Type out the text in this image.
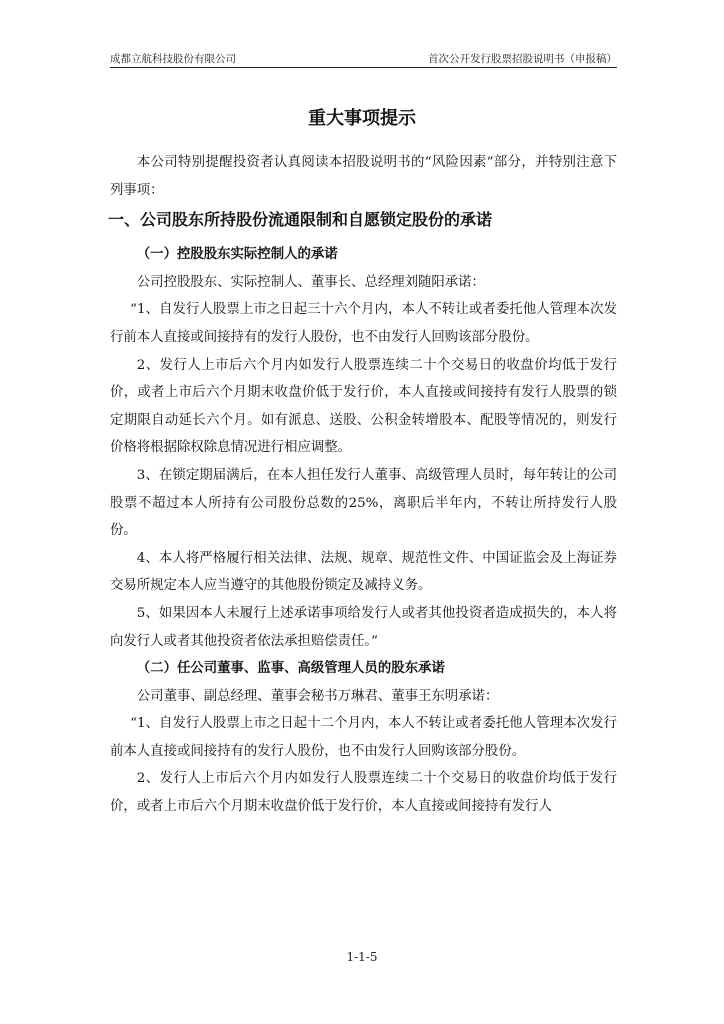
成都立航科技股份有限公司	首次公开发行股票招股说明书（申报稿）
重大事项提示

本公司特别提醒投资者认真阅读本招股说明书的“风险因素”部分，并特别注意下列事项：

一、公司股东所持股份流通限制和自愿锁定股份的承诺

（一）控股股东实际控制人的承诺

公司控股股东、实际控制人、董事长、总经理刘随阳承诺：

“1、自发行人股票上市之日起三十六个月内，本人不转让或者委托他人管理本次发行前本人直接或间接持有的发行人股份，也不由发行人回购该部分股份。

2、发行人上市后六个月内如发行人股票连续二十个交易日的收盘价均低于发行价，或者上市后六个月期末收盘价低于发行价，本人直接或间接持有发行人股票的锁定期限自动延长六个月。如有派息、送股、公积金转增股本、配股等情况的，则发行价格将根据除权除息情况进行相应调整。

3、在锁定期届满后，在本人担任发行人董事、高级管理人员时，每年转让的公司股票不超过本人所持有公司股份总数的25%，离职后半年内，不转让所持发行人股份。

4、本人将严格履行相关法律、法规、规章、规范性文件、中国证监会及上海证券交易所规定本人应当遵守的其他股份锁定及减持义务。

5、如果因本人未履行上述承诺事项给发行人或者其他投资者造成损失的，本人将向发行人或者其他投资者依法承担赔偿责任。”

（二）任公司董事、监事、高级管理人员的股东承诺

公司董事、副总经理、董事会秘书万琳君、董事王东明承诺：

“1、自发行人股票上市之日起十二个月内，本人不转让或者委托他人管理本次发行前本人直接或间接持有的发行人股份，也不由发行人回购该部分股份。

2、发行人上市后六个月内如发行人股票连续二十个交易日的收盘价均低于发行价，或者上市后六个月期末收盘价低于发行价，本人直接或间接持有发行人

1-1-5
